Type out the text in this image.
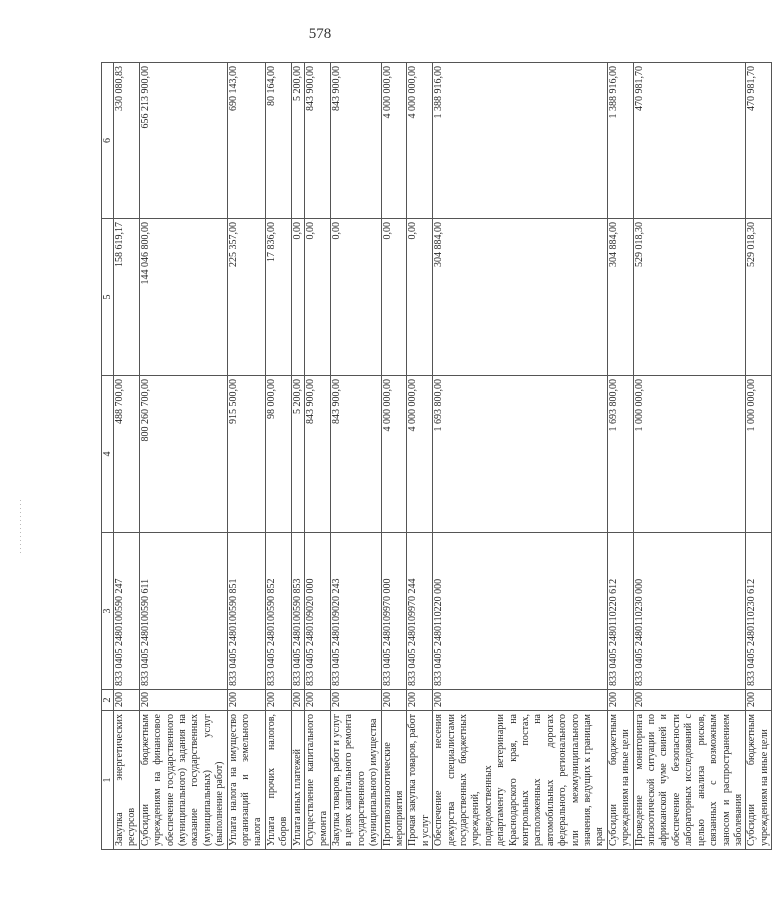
578
1	2	3	4	5	6
Закупка энергетических ресурсов	200	833 0405 2480100590 247	488 700,00	158 619,17	330 080,83
Субсидии бюджетным учреждениям на финансовое обеспечение государственного (муниципального) задания на оказание государственных (муниципальных) услуг (выполнение работ)	200	833 0405 2480100590 611	800 260 700,00	144 046 800,00	656 213 900,00
Уплата налога на имущество организаций и земельного налога	200	833 0405 2480100590 851	915 500,00	225 357,00	690 143,00
Уплата прочих налогов, сборов	200	833 0405 2480100590 852	98 000,00	17 836,00	80 164,00
Уплата иных платежей	200	833 0405 2480100590 853	5 200,00	0,00	5 200,00
Осуществление капитального ремонта	200	833 0405 2480109020 000	843 900,00	0,00	843 900,00
Закупка товаров, работ и услуг в целях капитального ремонта государственного (муниципального) имущества	200	833 0405 2480109020 243	843 900,00	0,00	843 900,00
Противоэпизоотические мероприятия	200	833 0405 2480109970 000	4 000 000,00	0,00	4 000 000,00
Прочая закупка товаров, работ и услуг	200	833 0405 2480109970 244	4 000 000,00	0,00	4 000 000,00
Обеспечение несения дежурства специалистами государственных бюджетных учреждений, подведомственных департаменту ветеринарии Краснодарского края, на контрольных постах, расположенных на автомобильных дорогах федерального, регионального или межмуниципального значения, ведущих к границам края	200	833 0405 2480110220 000	1 693 800,00	304 884,00	1 388 916,00
Субсидии бюджетным учреждениям на иные цели	200	833 0405 2480110220 612	1 693 800,00	304 884,00	1 388 916,00
Проведение мониторинга эпизоотической ситуации по африканской чуме свиней и обеспечение безопасности лабораторных исследований с целью анализа рисков, связанных с возможным заносом и распространением заболевания	200	833 0405 2480110230 000	1 000 000,00	529 018,30	470 981,70
Субсидии бюджетным учреждениям на иные цели	200	833 0405 2480110230 612	1 000 000,00	529 018,30	470 981,70
